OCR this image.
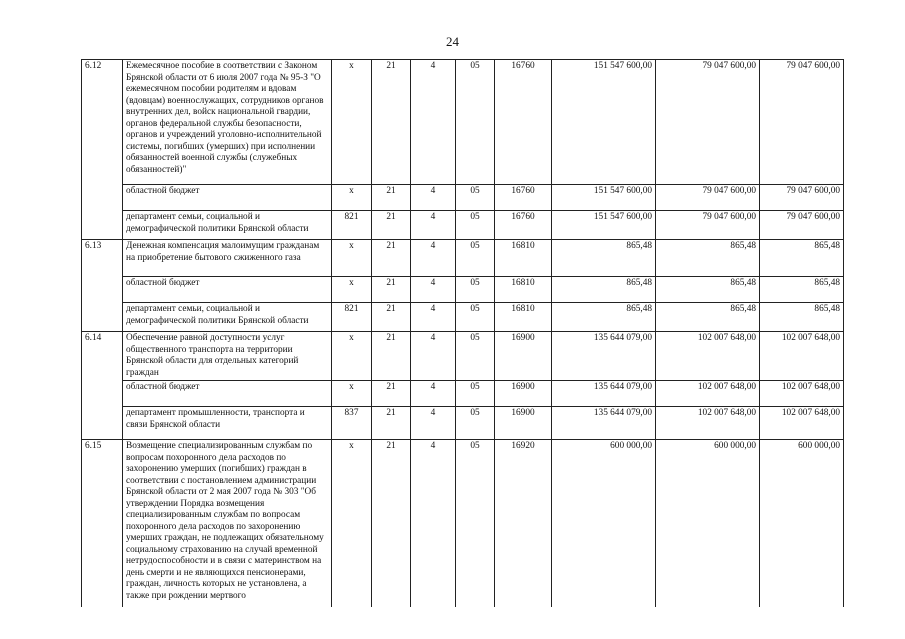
24
6.12	Ежемесячное пособие в соответствии с Законом Брянской области от 6 июля 2007 года № 95-З "О ежемесячном пособии родителям и вдовам (вдовцам) военнослужащих, сотрудников органов внутренних дел, войск национальной гвардии, органов федеральной службы безопасности, органов и учреждений уголовно-исполнительной системы, погибших (умерших) при исполнении обязанностей военной службы (служебных обязанностей)"	х	21	4	05	16760	151 547 600,00	79 047 600,00	79 047 600,00
	областной бюджет	х	21	4	05	16760	151 547 600,00	79 047 600,00	79 047 600,00
	департамент семьи, социальной и демографической политики Брянской области	821	21	4	05	16760	151 547 600,00	79 047 600,00	79 047 600,00
6.13	Денежная компенсация малоимущим гражданам на приобретение бытового сжиженного газа	х	21	4	05	16810	865,48	865,48	865,48
	областной бюджет	х	21	4	05	16810	865,48	865,48	865,48
	департамент семьи, социальной и демографической политики Брянской области	821	21	4	05	16810	865,48	865,48	865,48
6.14	Обеспечение равной доступности услуг общественного транспорта на территории Брянской области для отдельных категорий граждан	х	21	4	05	16900	135 644 079,00	102 007 648,00	102 007 648,00
	областной бюджет	х	21	4	05	16900	135 644 079,00	102 007 648,00	102 007 648,00
	департамент промышленности, транспорта и связи Брянской области	837	21	4	05	16900	135 644 079,00	102 007 648,00	102 007 648,00
6.15	Возмещение специализированным службам по вопросам похоронного дела расходов по захоронению умерших (погибших) граждан в соответствии с постановлением администрации Брянской области от 2 мая 2007 года № 303 "Об утверждении Порядка возмещения специализированным службам по вопросам похоронного дела расходов по захоронению умерших граждан, не подлежащих обязательному социальному страхованию на случай временной нетрудоспособности и в связи с материнством на день смерти и не являющихся пенсионерами, граждан, личность которых не установлена, а также при рождении мертвого	х	21	4	05	16920	600 000,00	600 000,00	600 000,00
